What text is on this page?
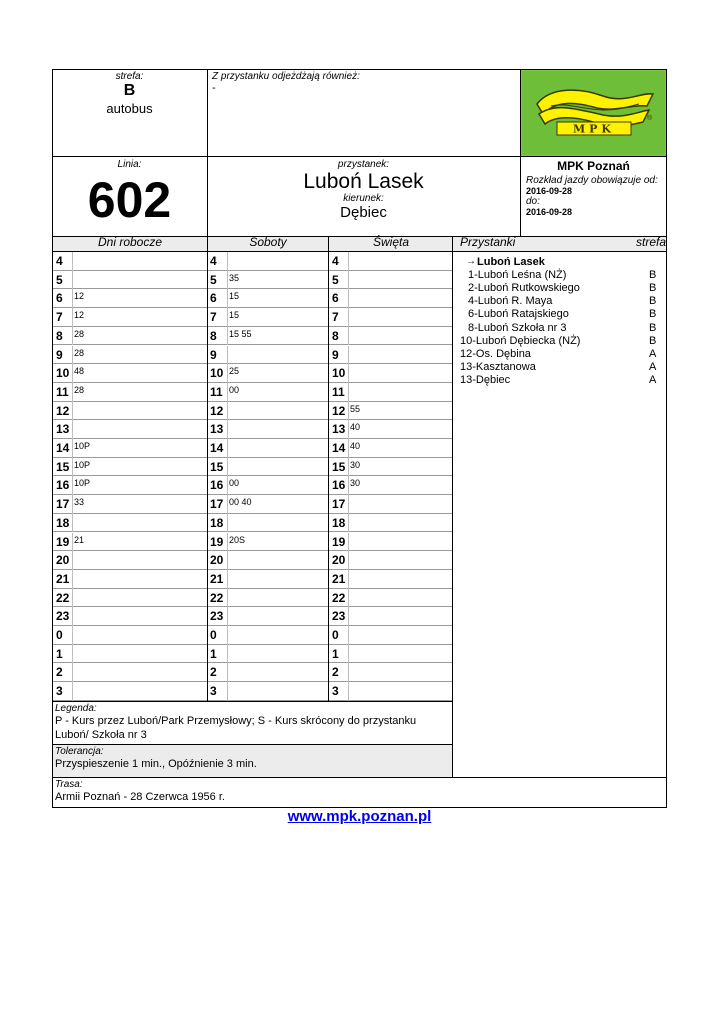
strefa:
B
autobus
Z przystanku odjeżdżają również:
-
MPK
®
Linia:
602
przystanek:
Luboń Lasek
kierunek:
Dębiec
MPK Poznań
Rozkład jazdy obowiązuje od:
2016-09-28
do:
2016-09-28
Dni robocze	Soboty	Święta	Przystanki	strefa
4	4	4
5	5 35	5
6 12	6 15	6
7 12	7 15	7
8 28	8 15 55	8
9 28	9	9
10 48	10 25	10
11 28	11 00	11
12	12	12 55
13	13	13 40
14 10P	14	14 40
15 10P	15	15 30
16 10P	16 00	16 30
17 33	17 00 40	17
18	18	18
19 21	19 20S	19
20	20	20
21	21	21
22	22	22
23	23	23
0	0	0
1	1	1
2	2	2
3	3	3
→ Luboń Lasek
1-Luboń Leśna (NŻ)	B
2-Luboń Rutkowskiego	B
4-Luboń R. Maya	B
6-Luboń Ratajskiego	B
8-Luboń Szkoła nr 3	B
10-Luboń Dębiecka (NŻ)	B
12-Os. Dębina	A
13-Kasztanowa	A
13-Dębiec	A
Legenda:
P - Kurs przez Luboń/Park Przemysłowy; S - Kurs skrócony do przystanku Luboń/ Szkoła nr 3
Tolerancja:
Przyspieszenie 1 min., Opóźnienie 3 min.
Trasa:
Armii Poznań - 28 Czerwca 1956 r.
www.mpk.poznan.pl
